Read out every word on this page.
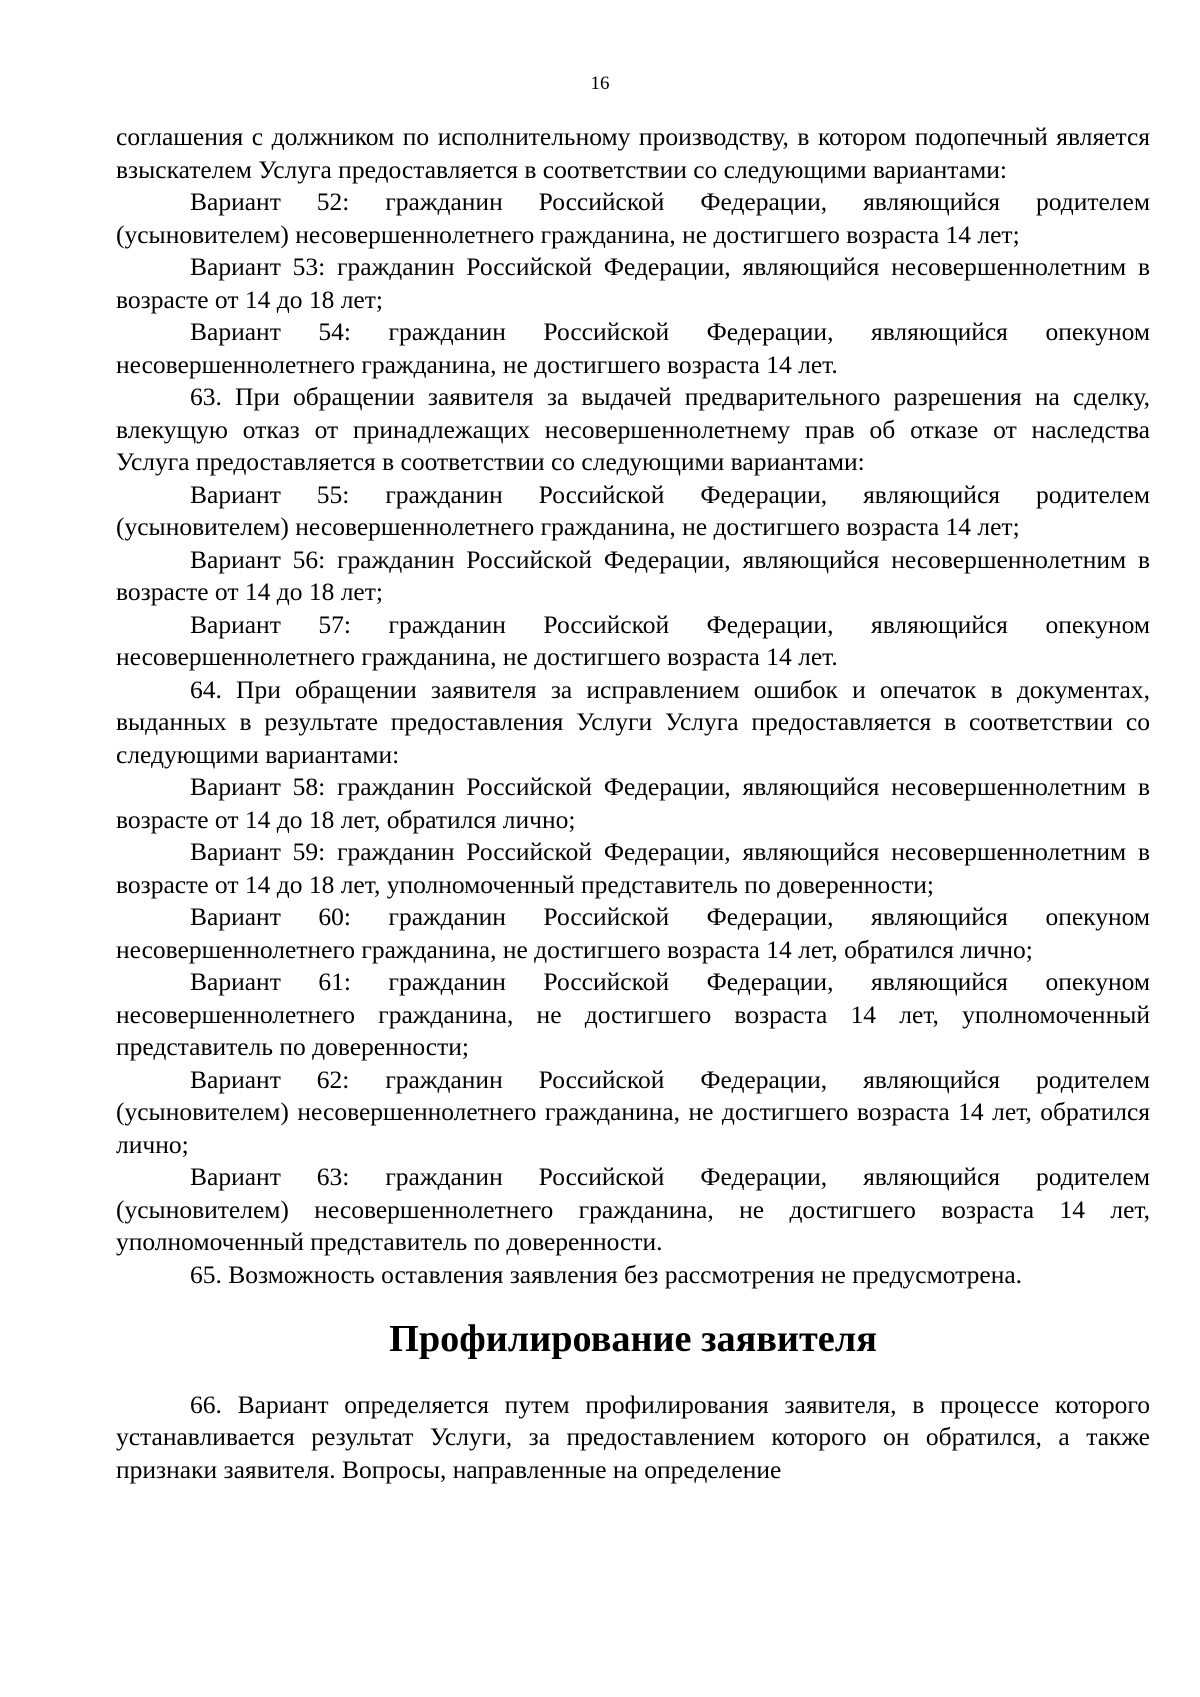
16

соглашения с должником по исполнительному производству, в котором подопечный является взыскателем Услуга предоставляется в соответствии со следующими вариантами:

Вариант 52: гражданин Российской Федерации, являющийся родителем (усыновителем) несовершеннолетнего гражданина, не достигшего возраста 14 лет;

Вариант 53: гражданин Российской Федерации, являющийся несовершеннолетним в возрасте от 14 до 18 лет;

Вариант 54: гражданин Российской Федерации, являющийся опекуном несовершеннолетнего гражданина, не достигшего возраста 14 лет.

63. При обращении заявителя за выдачей предварительного разрешения на сделку, влекущую отказ от принадлежащих несовершеннолетнему прав об отказе от наследства Услуга предоставляется в соответствии со следующими вариантами:

Вариант 55: гражданин Российской Федерации, являющийся родителем (усыновителем) несовершеннолетнего гражданина, не достигшего возраста 14 лет;

Вариант 56: гражданин Российской Федерации, являющийся несовершеннолетним в возрасте от 14 до 18 лет;

Вариант 57: гражданин Российской Федерации, являющийся опекуном несовершеннолетнего гражданина, не достигшего возраста 14 лет.

64. При обращении заявителя за исправлением ошибок и опечаток в документах, выданных в результате предоставления Услуги Услуга предоставляется в соответствии со следующими вариантами:

Вариант 58: гражданин Российской Федерации, являющийся несовершеннолетним в возрасте от 14 до 18 лет, обратился лично;

Вариант 59: гражданин Российской Федерации, являющийся несовершеннолетним в возрасте от 14 до 18 лет, уполномоченный представитель по доверенности;

Вариант 60: гражданин Российской Федерации, являющийся опекуном несовершеннолетнего гражданина, не достигшего возраста 14 лет, обратился лично;

Вариант 61: гражданин Российской Федерации, являющийся опекуном несовершеннолетнего гражданина, не достигшего возраста 14 лет, уполномоченный представитель по доверенности;

Вариант 62: гражданин Российской Федерации, являющийся родителем (усыновителем) несовершеннолетнего гражданина, не достигшего возраста 14 лет, обратился лично;

Вариант 63: гражданин Российской Федерации, являющийся родителем (усыновителем) несовершеннолетнего гражданина, не достигшего возраста 14 лет, уполномоченный представитель по доверенности.

65. Возможность оставления заявления без рассмотрения не предусмотрена.

Профилирование заявителя

66. Вариант определяется путем профилирования заявителя, в процессе которого устанавливается результат Услуги, за предоставлением которого он обратился, а также признаки заявителя. Вопросы, направленные на определение
